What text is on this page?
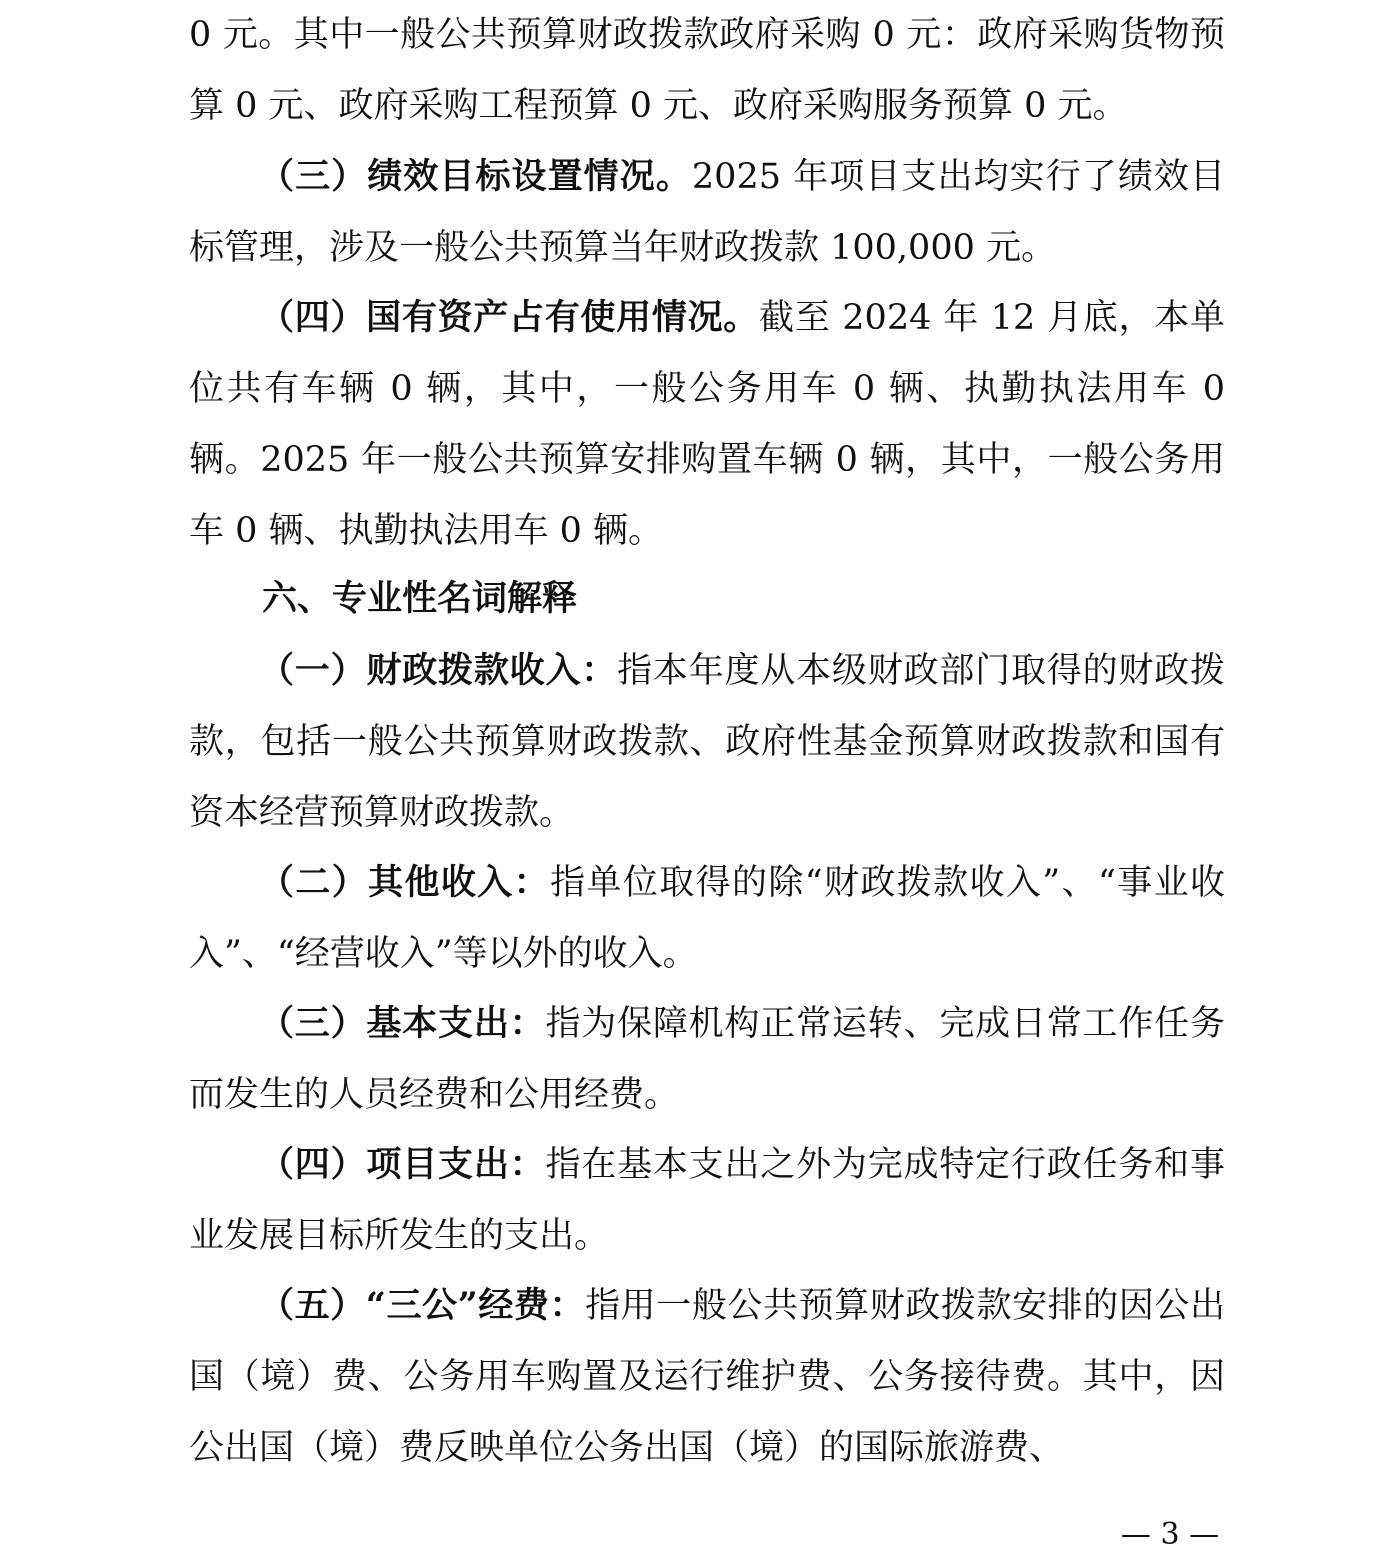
0 元。其中一般公共预算财政拨款政府采购 0 元：政府采购货物预算 0 元、政府采购工程预算 0 元、政府采购服务预算 0 元。

（三）绩效目标设置情况。2025 年项目支出均实行了绩效目标管理，涉及一般公共预算当年财政拨款 100,000 元。

（四）国有资产占有使用情况。截至 2024 年 12 月底，本单位共有车辆 0 辆，其中，一般公务用车 0 辆、执勤执法用车 0 辆。2025 年一般公共预算安排购置车辆 0 辆，其中，一般公务用车 0 辆、执勤执法用车 0 辆。

六、专业性名词解释

（一）财政拨款收入：指本年度从本级财政部门取得的财政拨款，包括一般公共预算财政拨款、政府性基金预算财政拨款和国有资本经营预算财政拨款。

（二）其他收入：指单位取得的除“财政拨款收入”、“事业收入”、“经营收入”等以外的收入。

（三）基本支出：指为保障机构正常运转、完成日常工作任务而发生的人员经费和公用经费。

（四）项目支出：指在基本支出之外为完成特定行政任务和事业发展目标所发生的支出。

（五）“三公”经费：指用一般公共预算财政拨款安排的因公出国（境）费、公务用车购置及运行维护费、公务接待费。其中，因公出国（境）费反映单位公务出国（境）的国际旅游费、

— 3 —
